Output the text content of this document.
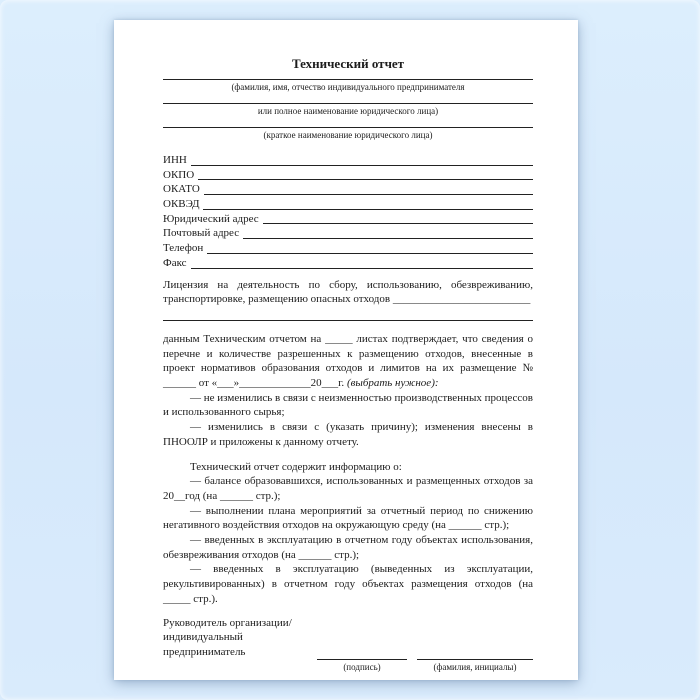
Технический отчет
(фамилия, имя, отчество индивидуального предпринимателя
или полное наименование юридического лица)
(краткое наименование юридического лица)
ИНН
ОКПО
ОКАТО
ОКВЭД
Юридический адрес
Почтовый адрес
Телефон
Факс

Лицензия на деятельность по сбору, использованию, обезвреживанию, транспортировке, размещению опасных отходов _________________________

данным Техническим отчетом на _____ листах подтверждает, что сведения о перечне и количестве разрешенных к размещению отходов, внесенные в проект нормативов образования отходов и лимитов на их размещение № ______ от «___»_____________20___г. (выбрать нужное):

— не изменились в связи с неизменностью производственных процессов и использованного сырья;

— изменились в связи с (указать причину); изменения внесены в ПНООЛР и приложены к данному отчету.

Технический отчет содержит информацию о:

— балансе образовавшихся, использованных и размещенных отходов за 20__год (на ______ стр.);

— выполнении плана мероприятий за отчетный период по снижению негативного воздействия отходов на окружающую среду (на ______ стр.);

— введенных в эксплуатацию в отчетном году объектах использования, обезвреживания отходов (на ______ стр.);

— введенных в эксплуатацию (выведенных из эксплуатации, рекультивированных) в отчетном году объектах размещения отходов (на _____ стр.).

Руководитель организации/
индивидуальный
предприниматель
(подпись)	(фамилия, инициалы)
